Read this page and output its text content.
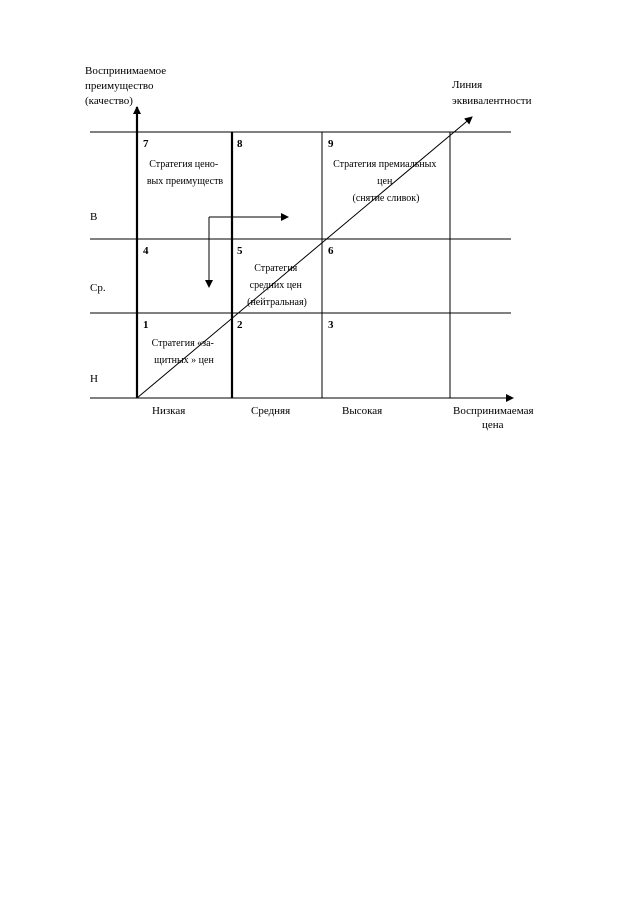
Воспринимаемое преимущество (качество)
Линия эквивалентности
Воспринимаемая цена
Низкая	Средняя	Высокая
В
Ср.
Н
7	8	9
4	5	6
1	2	3
Стратегия ценo- вых преимуществ
Стратегия премиальных цен (снятие сливок)
Стратегия средних цен (нейтральная)
Стратегия «за- щитных » цен
